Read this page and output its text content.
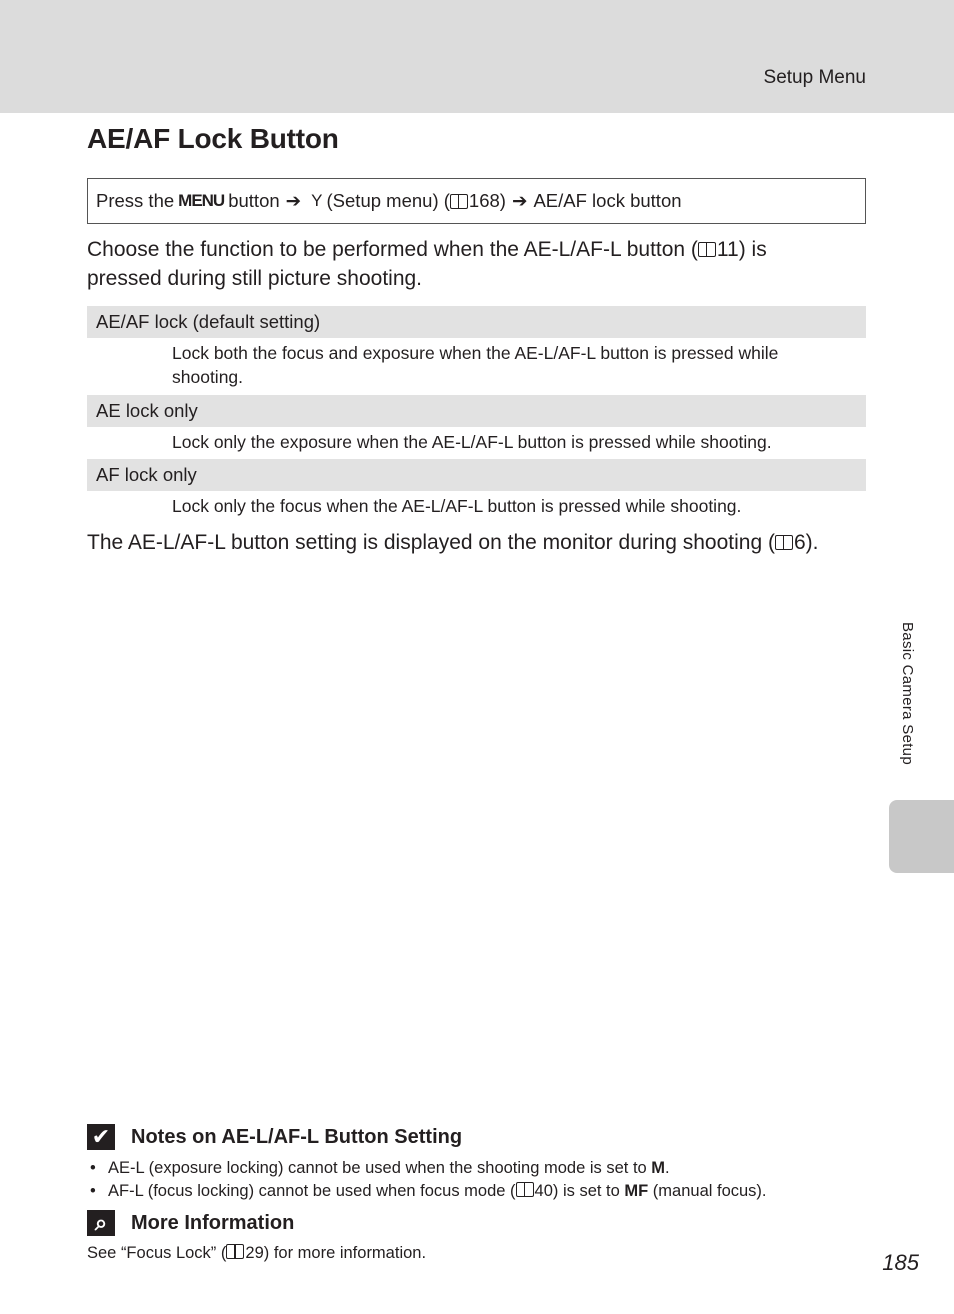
Setup Menu
AE/AF Lock Button
Press the MENU button ➔ Y (Setup menu) ( 168) ➔ AE/AF lock button
Choose the function to be performed when the AE-L/AF-L button ( 11) is pressed during still picture shooting.
AE/AF lock (default setting)
Lock both the focus and exposure when the AE-L/AF-L button is pressed while shooting.
AE lock only
Lock only the exposure when the AE-L/AF-L button is pressed while shooting.
AF lock only
Lock only the focus when the AE-L/AF-L button is pressed while shooting.
The AE-L/AF-L button setting is displayed on the monitor during shooting ( 6).
Basic Camera Setup
✔ Notes on AE-L/AF-L Button Setting
• AE-L (exposure locking) cannot be used when the shooting mode is set to M.
• AF-L (focus locking) cannot be used when focus mode ( 40) is set to MF (manual focus).
⌕	More Information
See “Focus Lock” ( 29) for more information.	185
